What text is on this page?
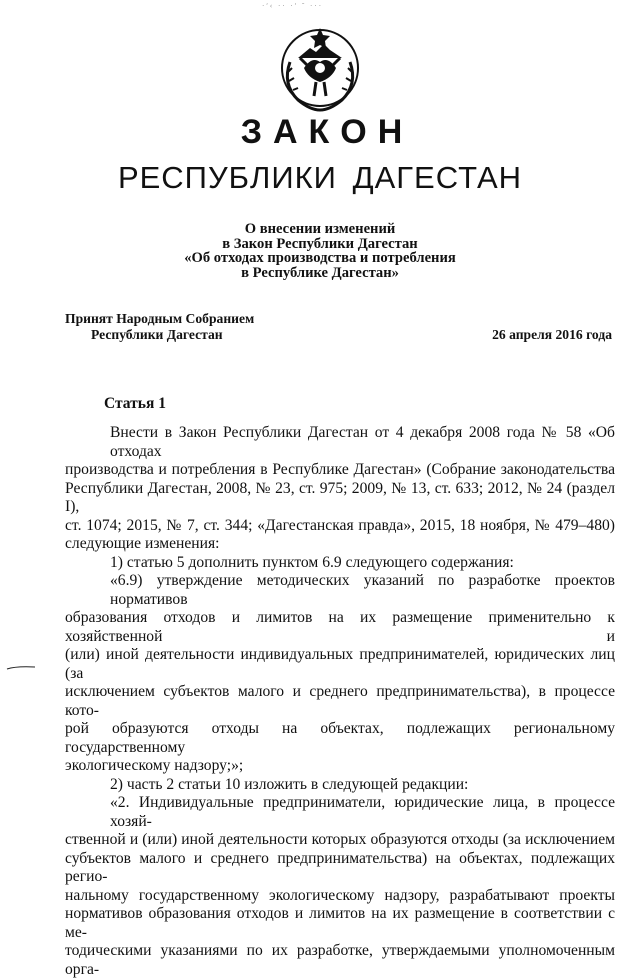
·ʹ‹ ·· ·ʹ ˇ ···
ЗАКОН
РЕСПУБЛИКИ ДАГЕСТАН
О внесении изменений
в Закон Республики Дагестан
«Об отходах производства и потребления
в Республике Дагестан»
Принят Народным Собранием
Республики Дагестан	26 апреля 2016 года
Статья 1

Внести в Закон Республики Дагестан от 4 декабря 2008 года № 58 «Об отходах

производства и потребления в Республике Дагестан» (Собрание законодательства

Республики Дагестан, 2008, № 23, ст. 975; 2009, № 13, ст. 633; 2012, № 24 (раздел I),

ст. 1074; 2015, № 7, ст. 344; «Дагестанская правда», 2015, 18 ноября, № 479–480)

следующие изменения:

1) статью 5 дополнить пунктом 6.9 следующего содержания:

«6.9) утверждение методических указаний по разработке проектов нормативов

образования отходов и лимитов на их размещение применительно к хозяйственной и

(или) иной деятельности индивидуальных предпринимателей, юридических лиц (за

исключением субъектов малого и среднего предпринимательства), в процессе кото-

рой образуются отходы на объектах, подлежащих региональному государственному

экологическому надзору;»;

2) часть 2 статьи 10 изложить в следующей редакции:

«2. Индивидуальные предприниматели, юридические лица, в процессе хозяй-

ственной и (или) иной деятельности которых образуются отходы (за исключением

субъектов малого и среднего предпринимательства) на объектах, подлежащих регио-

нальному государственному экологическому надзору, разрабатывают проекты

нормативов образования отходов и лимитов на их размещение в соответствии с ме-

тодическими указаниями по их разработке, утверждаемыми уполномоченным орга-
